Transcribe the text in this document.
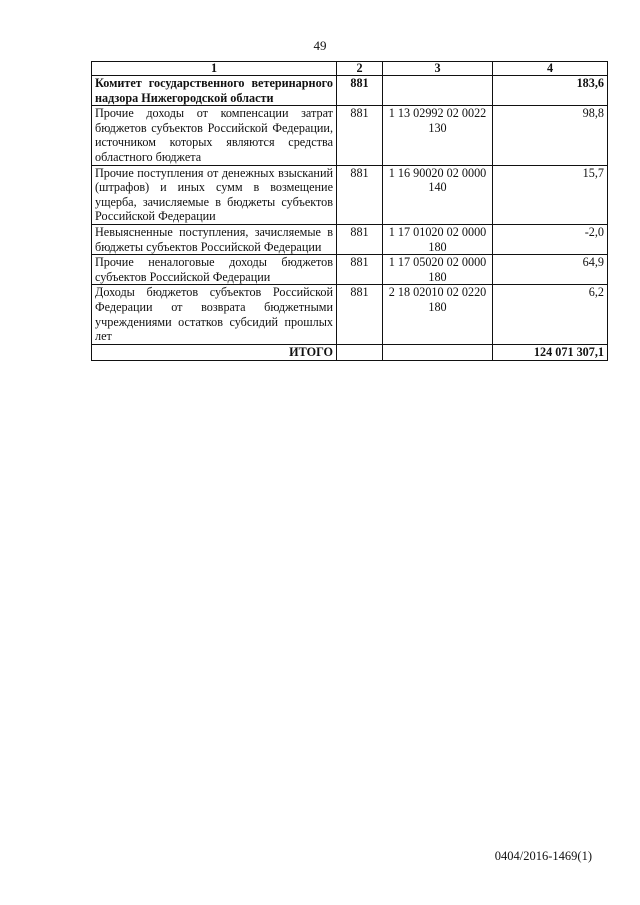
49
1	2	3	4
Комитет государственного ветеринарного надзора Нижегородской области	881		183,6
Прочие доходы от компенсации затрат бюджетов субъектов Российской Федерации, источником которых являются средства областного бюджета	881	1 13 02992 02 0022 130	98,8
Прочие поступления от денежных взысканий (штрафов) и иных сумм в возмещение ущерба, зачисляемые в бюджеты субъектов Российской Федерации	881	1 16 90020 02 0000 140	15,7
Невыясненные поступления, зачисляемые в бюджеты субъектов Российской Федерации	881	1 17 01020 02 0000 180	-2,0
Прочие неналоговые доходы бюджетов субъектов Российской Федерации	881	1 17 05020 02 0000 180	64,9
Доходы бюджетов субъектов Российской Федерации от возврата бюджетными учреждениями остатков субсидий прошлых лет	881	2 18 02010 02 0220 180	6,2
ИТОГО			124 071 307,1
0404/2016-1469(1)
